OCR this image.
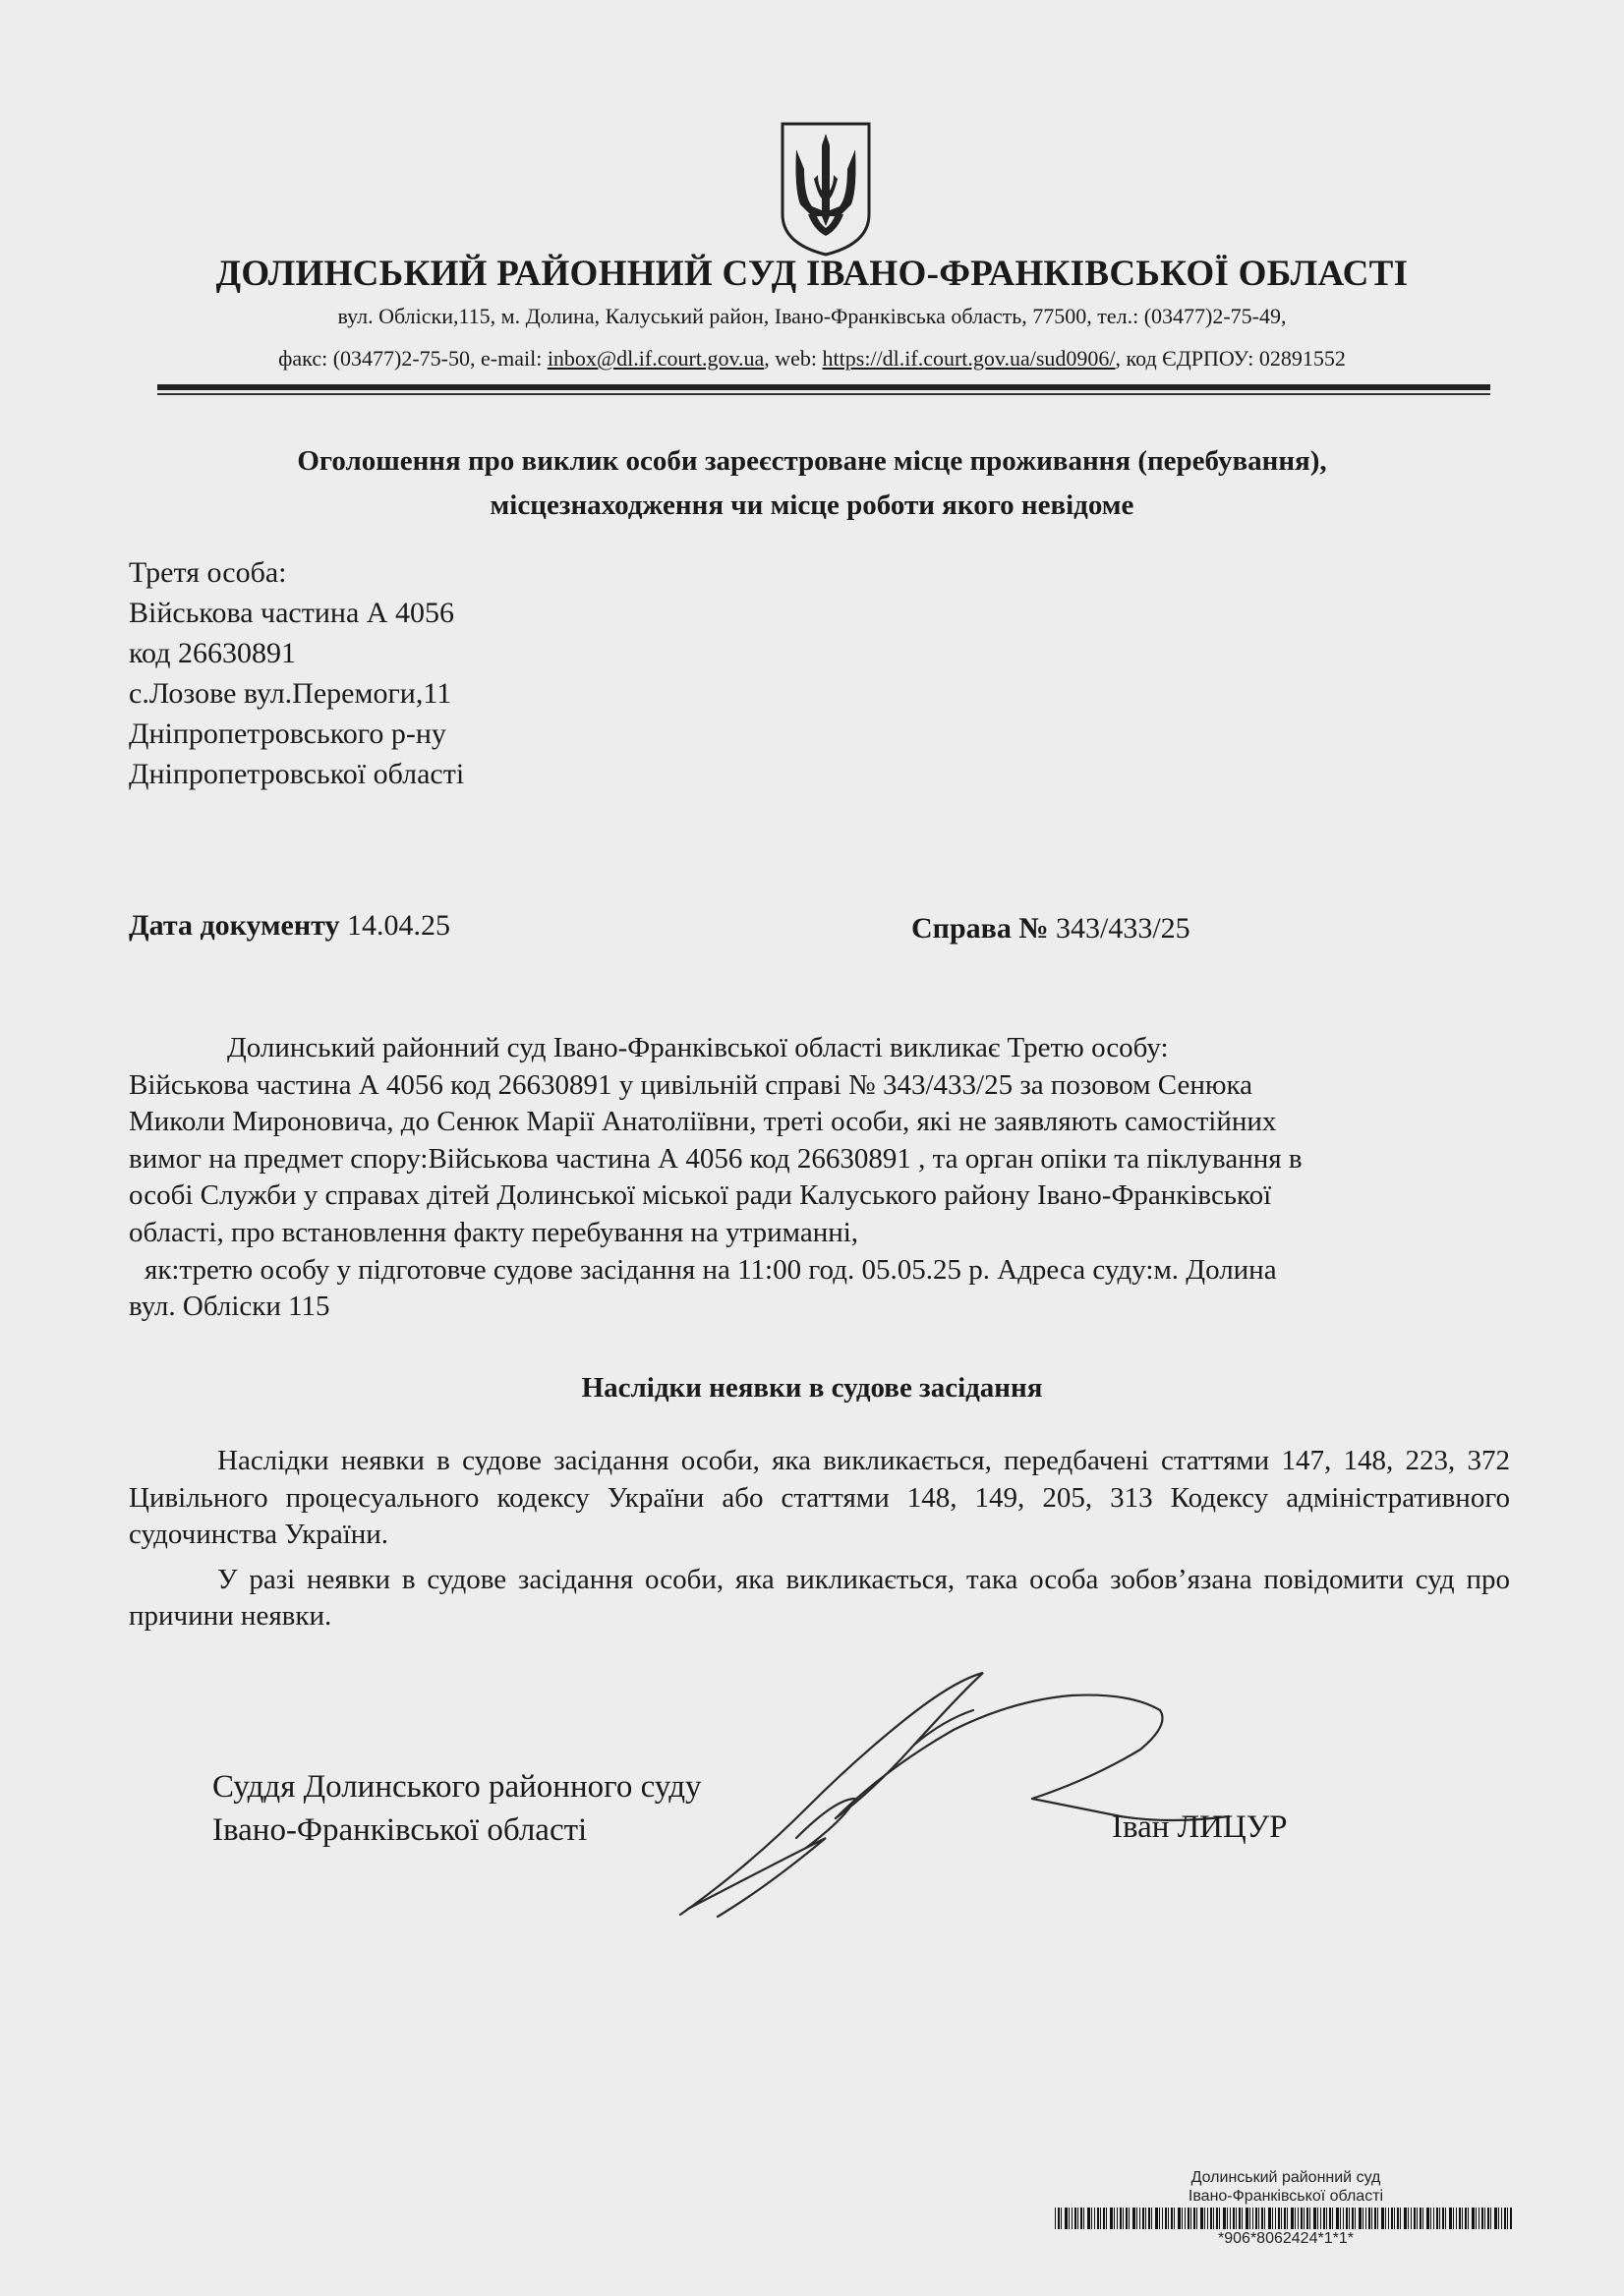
ДОЛИНСЬКИЙ РАЙОННИЙ СУД ІВАНО-ФРАНКІВСЬКОЇ ОБЛАСТІ
вул. Обліски,115, м. Долина, Калуський район, Івано-Франківська область, 77500, тел.: (03477)2-75-49,
факс: (03477)2-75-50, e-mail: inbox@dl.if.court.gov.ua, web: https://dl.if.court.gov.ua/sud0906/, код ЄДРПОУ: 02891552
Оголошення про виклик особи зареєстроване місце проживання (перебування),
місцезнаходження чи місце роботи якого невідоме
Третя особа:
Військова частина А 4056
код 26630891
с.Лозове вул.Перемоги,11
Дніпропетровського р-ну
Дніпропетровської області
Дата документу 14.04.25	Справа № 343/433/25
Долинський районний суд Івано-Франківської області викликає Третю особу:
Військова частина А 4056 код 26630891 у цивільній справі № 343/433/25 за позовом Сенюка
Миколи Мироновича, до Сенюк Марії Анатоліївни, треті особи, які не заявляють самостійних
вимог на предмет спору:Військова частина А 4056 код 26630891 , та орган опіки та піклування в
особі Служби у справах дітей Долинської міської ради Калуського району Івано-Франківської
області, про встановлення факту перебування на утриманні,
як:третю особу у підготовче судове засідання на 11:00 год. 05.05.25 р. Адреса суду:м. Долина
вул. Обліски 115
Наслідки неявки в судове засідання

Наслідки неявки в судове засідання особи, яка викликається, передбачені статтями 147, 148, 223, 372 Цивільного процесуального кодексу України або статтями 148, 149, 205, 313 Кодексу адміністративного судочинства України.

У разі неявки в судове засідання особи, яка викликається, така особа зобов’язана повідомити суд про причини неявки.

Суддя Долинського районного суду
Івано-Франківської області	Іван ЛИЦУР
Долинський районний суд
Івано-Франківської області
*906*8062424*1*1*
